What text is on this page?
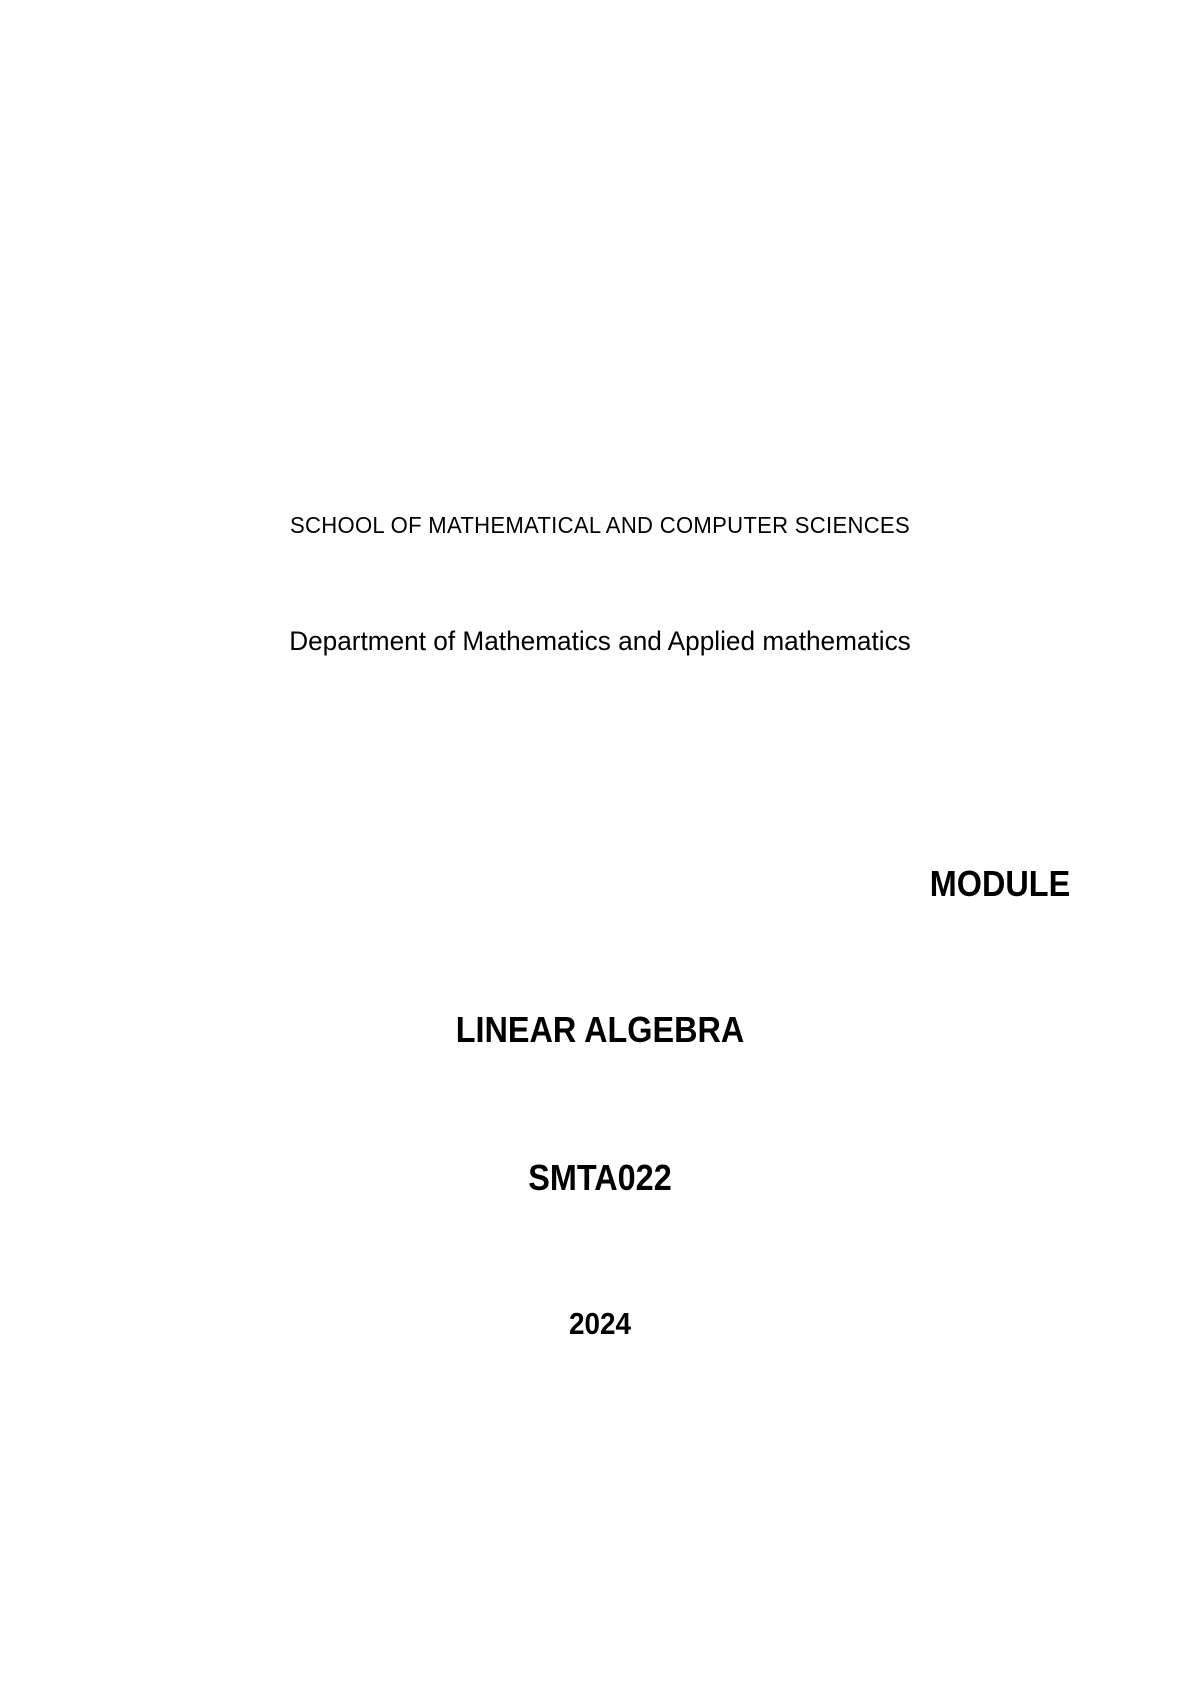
SCHOOL OF MATHEMATICAL AND COMPUTER SCIENCES
Department of Mathematics and Applied mathematics
MODULE
LINEAR ALGEBRA
SMTA022
2024
